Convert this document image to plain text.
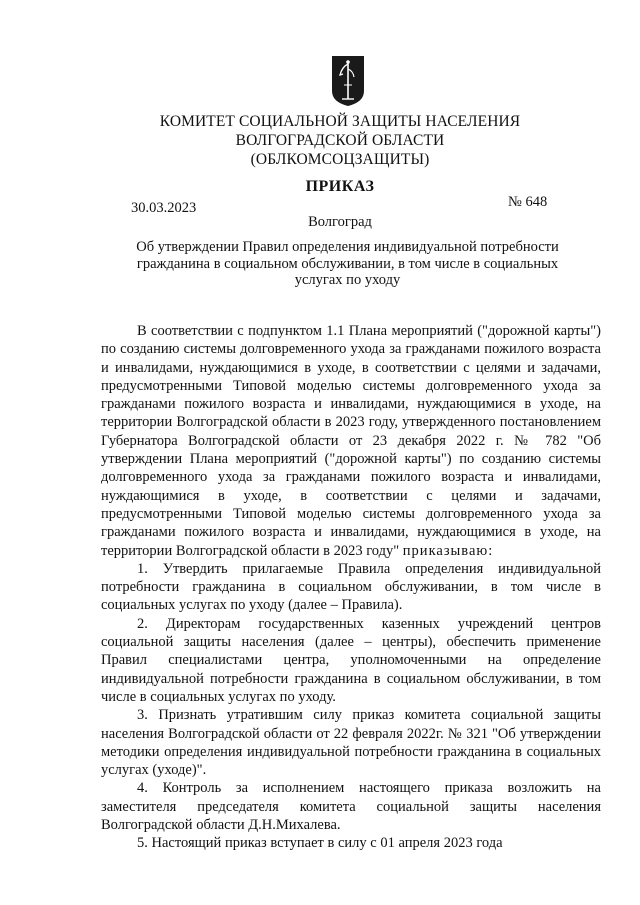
КОМИТЕТ СОЦИАЛЬНОЙ ЗАЩИТЫ НАСЕЛЕНИЯ
ВОЛГОГРАДСКОЙ ОБЛАСТИ
(ОБЛКОМСОЦЗАЩИТЫ)
ПРИКАЗ
30.03.2023	№ 648
Волгоград
Об утверждении Правил определения индивидуальной потребности гражданина в социальном обслуживании, в том числе в социальных услугах по уходу

В соответствии с подпунктом 1.1 Плана мероприятий ("дорожной карты") по созданию системы долговременного ухода за гражданами пожилого возраста и инвалидами, нуждающимися в уходе, в соответствии с целями и задачами, предусмотренными Типовой моделью системы долговременного ухода за гражданами пожилого возраста и инвалидами, нуждающимися в уходе, на территории Волгоградской области в 2023 году, утвержденного постановлением Губернатора Волгоградской области от 23 декабря 2022 г. № 782 "Об утверждении Плана мероприятий ("дорожной карты") по созданию системы долговременного ухода за гражданами пожилого возраста и инвалидами, нуждающимися в уходе, в соответствии с целями и задачами, предусмотренными Типовой моделью системы долговременного ухода за гражданами пожилого возраста и инвалидами, нуждающимися в уходе, на территории Волгоградской области в 2023 году" приказываю:

1. Утвердить прилагаемые Правила определения индивидуальной потребности гражданина в социальном обслуживании, в том числе в социальных услугах по уходу (далее – Правила).

2. Директорам государственных казенных учреждений центров социальной защиты населения (далее – центры), обеспечить применение Правил специалистами центра, уполномоченными на определение индивидуальной потребности гражданина в социальном обслуживании, в том числе в социальных услугах по уходу.

3. Признать утратившим силу приказ комитета социальной защиты населения Волгоградской области от 22 февраля 2022г. № 321 "Об утверждении методики определения индивидуальной потребности гражданина в социальных услугах (уходе)".

4. Контроль за исполнением настоящего приказа возложить на заместителя председателя комитета социальной защиты населения Волгоградской области Д.Н.Михалева.

5. Настоящий приказ вступает в силу с 01 апреля 2023 года
